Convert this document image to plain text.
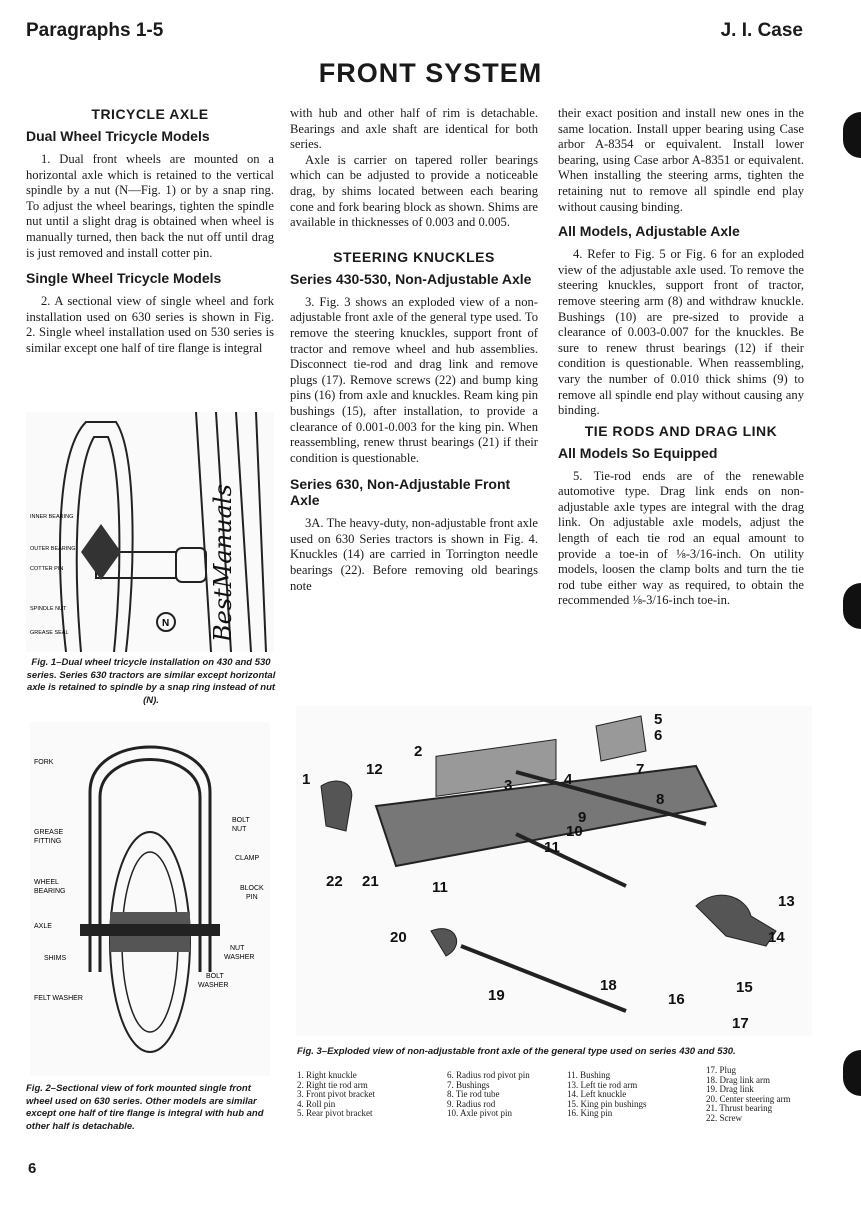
Paragraphs 1-5	J. I. Case
FRONT SYSTEM
TRICYCLE AXLE
Dual Wheel Tricycle Models

1. Dual front wheels are mounted on a horizontal axle which is retained to the vertical spindle by a nut (N—Fig. 1) or by a snap ring. To adjust the wheel bearings, tighten the spindle nut until a slight drag is obtained when wheel is manually turned, then back the nut off until drag is just removed and install cotter pin.

Single Wheel Tricycle Models

2. A sectional view of single wheel and fork installation used on 630 series is shown in Fig. 2. Single wheel installation used on 530 series is similar except one half of tire flange is integral

with hub and other half of rim is detachable. Bearings and axle shaft are identical for both series.

Axle is carrier on tapered roller bearings which can be adjusted to provide a noticeable drag, by shims located between each bearing cone and fork bearing block as shown. Shims are available in thicknesses of 0.003 and 0.005.

STEERING KNUCKLES
Series 430-530, Non-Adjustable Axle

3. Fig. 3 shows an exploded view of a non-adjustable front axle of the general type used. To remove the steering knuckles, support front of tractor and remove wheel and hub assemblies. Disconnect tie-rod and drag link and remove plugs (17). Remove screws (22) and bump king pins (16) from axle and knuckles. Ream king pin bushings (15), after installation, to provide a clearance of 0.001-0.003 for the king pin. When reassembling, renew thrust bearings (21) if their condition is questionable.

Series 630, Non-Adjustable Front Axle

3A. The heavy-duty, non-adjustable front axle used on 630 Series tractors is shown in Fig. 4. Knuckles (14) are carried in Torrington needle bearings (22). Before removing old bearings note

their exact position and install new ones in the same location. Install upper bearing using Case arbor A-8354 or equivalent. Install lower bearing, using Case arbor A-8351 or equivalent. When installing the steering arms, tighten the retaining nut to remove all spindle end play without causing binding.

All Models, Adjustable Axle

4. Refer to Fig. 5 or Fig. 6 for an exploded view of the adjustable axle used. To remove the steering knuckles, support front of tractor, remove steering arm (8) and withdraw knuckle. Bushings (10) are pre-sized to provide a clearance of 0.003-0.007 for the knuckles. Be sure to renew thrust bearings (12) if their condition is questionable. When reassembling, vary the number of 0.010 thick shims (9) to remove all spindle end play without causing any binding.

TIE RODS AND DRAG LINK
All Models So Equipped

5. Tie-rod ends are of the renewable automotive type. Drag link ends on non-adjustable axle types are integral with the drag link. On adjustable axle models, adjust the length of each tie rod an equal amount to provide a toe-in of ⅛-3/16-inch. On utility models, loosen the clamp bolts and turn the tie rod tube either way as required, to obtain the recommended ⅛-3/16-inch toe-in.

INNER BEARING
OUTER BEARING
COTTER PIN
SPINDLE NUT
GREASE SEAL
N BestManuals
Fig. 1–Dual wheel tricycle installation on 430 and 530 series. Series 630 tractors are similar except horizontal axle is retained to spindle by a snap ring instead of nut (N).
FORK
BOLT
NUT
GREASE
FITTING
CLAMP
WHEEL
BEARING	BLOCK
PIN
AXLE
SHIMS
NUT
WASHER
BOLT
WASHER
FELT WASHER
Fig. 2–Sectional view of fork mounted single front wheel used on 630 series. Other models are similar except one half of tire flange is integral with hub and other half is detachable.
1
2
3	4
5
6
7
8
9
10
11
11
12
13
14
15
16
17
18
19
20
21
22
Fig. 3–Exploded view of non-adjustable front axle of the general type used on series 430 and 530.
1. Right knuckle
2. Right tie rod arm
3. Front pivot bracket
4. Roll pin
5. Rear pivot bracket
6. Radius rod pivot pin
7. Bushings
8. Tie rod tube
9. Radius rod
10. Axle pivot pin
11. Bushing
13. Left tie rod arm
14. Left knuckle
15. King pin bushings
16. King pin
17. Plug
18. Drag link arm
19. Drag link
20. Center steering arm
21. Thrust bearing
22. Screw
6
